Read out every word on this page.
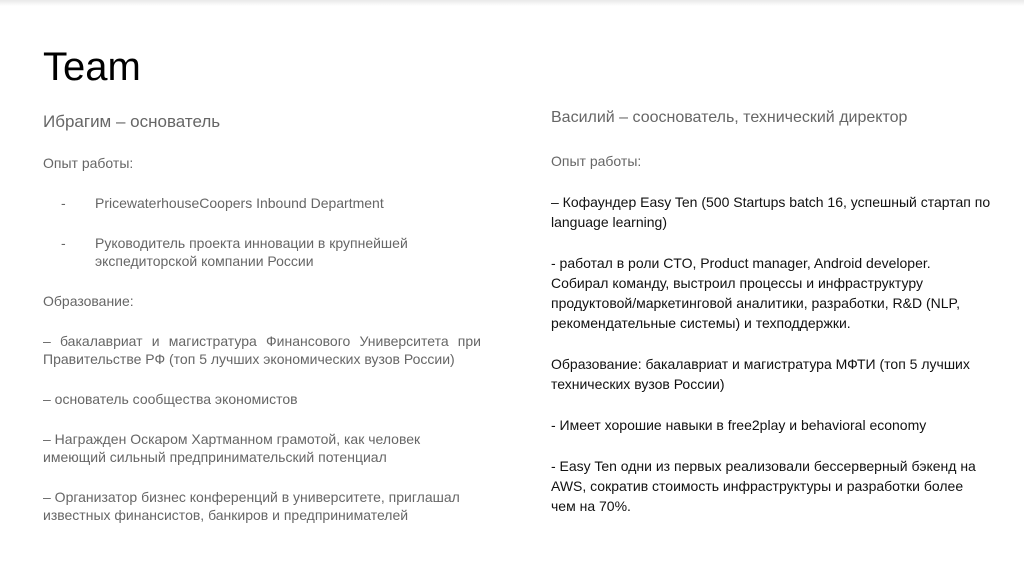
Team
Ибрагим – основатель
Опыт работы:
-	PricewaterhouseCoopers Inbound Department
-	Руководитель проекта инновации в крупнейшей экспедиторской компании России
Образование:
– бакалавриат и магистратура Финансового Университета при Правительстве РФ (топ 5 лучших экономических вузов России)
– основатель сообщества экономистов
– Награжден Оскаром Хартманном грамотой, как человек имеющий сильный предпринимательский потенциал
– Организатор бизнес конференций в университете, приглашал известных финансистов, банкиров и предпринимателей
Василий – сооснователь, технический директор
Опыт работы:
– Кофаундер Easy Ten (500 Startups batch 16, успешный стартап по language learning)
- работал в роли CTO, Product manager, Android developer. Собирал команду, выстроил процессы и инфраструктуру продуктовой/маркетинговой аналитики, разработки, R&D (NLP, рекомендательные системы) и техподдержки.
Образование: бакалавриат и магистратура МФТИ (топ 5 лучших технических вузов России)
- Имеет хорошие навыки в free2play и behavioral economy
- Easy Ten одни из первых реализовали бессерверный бэкенд на AWS, сократив стоимость инфраструктуры и разработки более чем на 70%.
